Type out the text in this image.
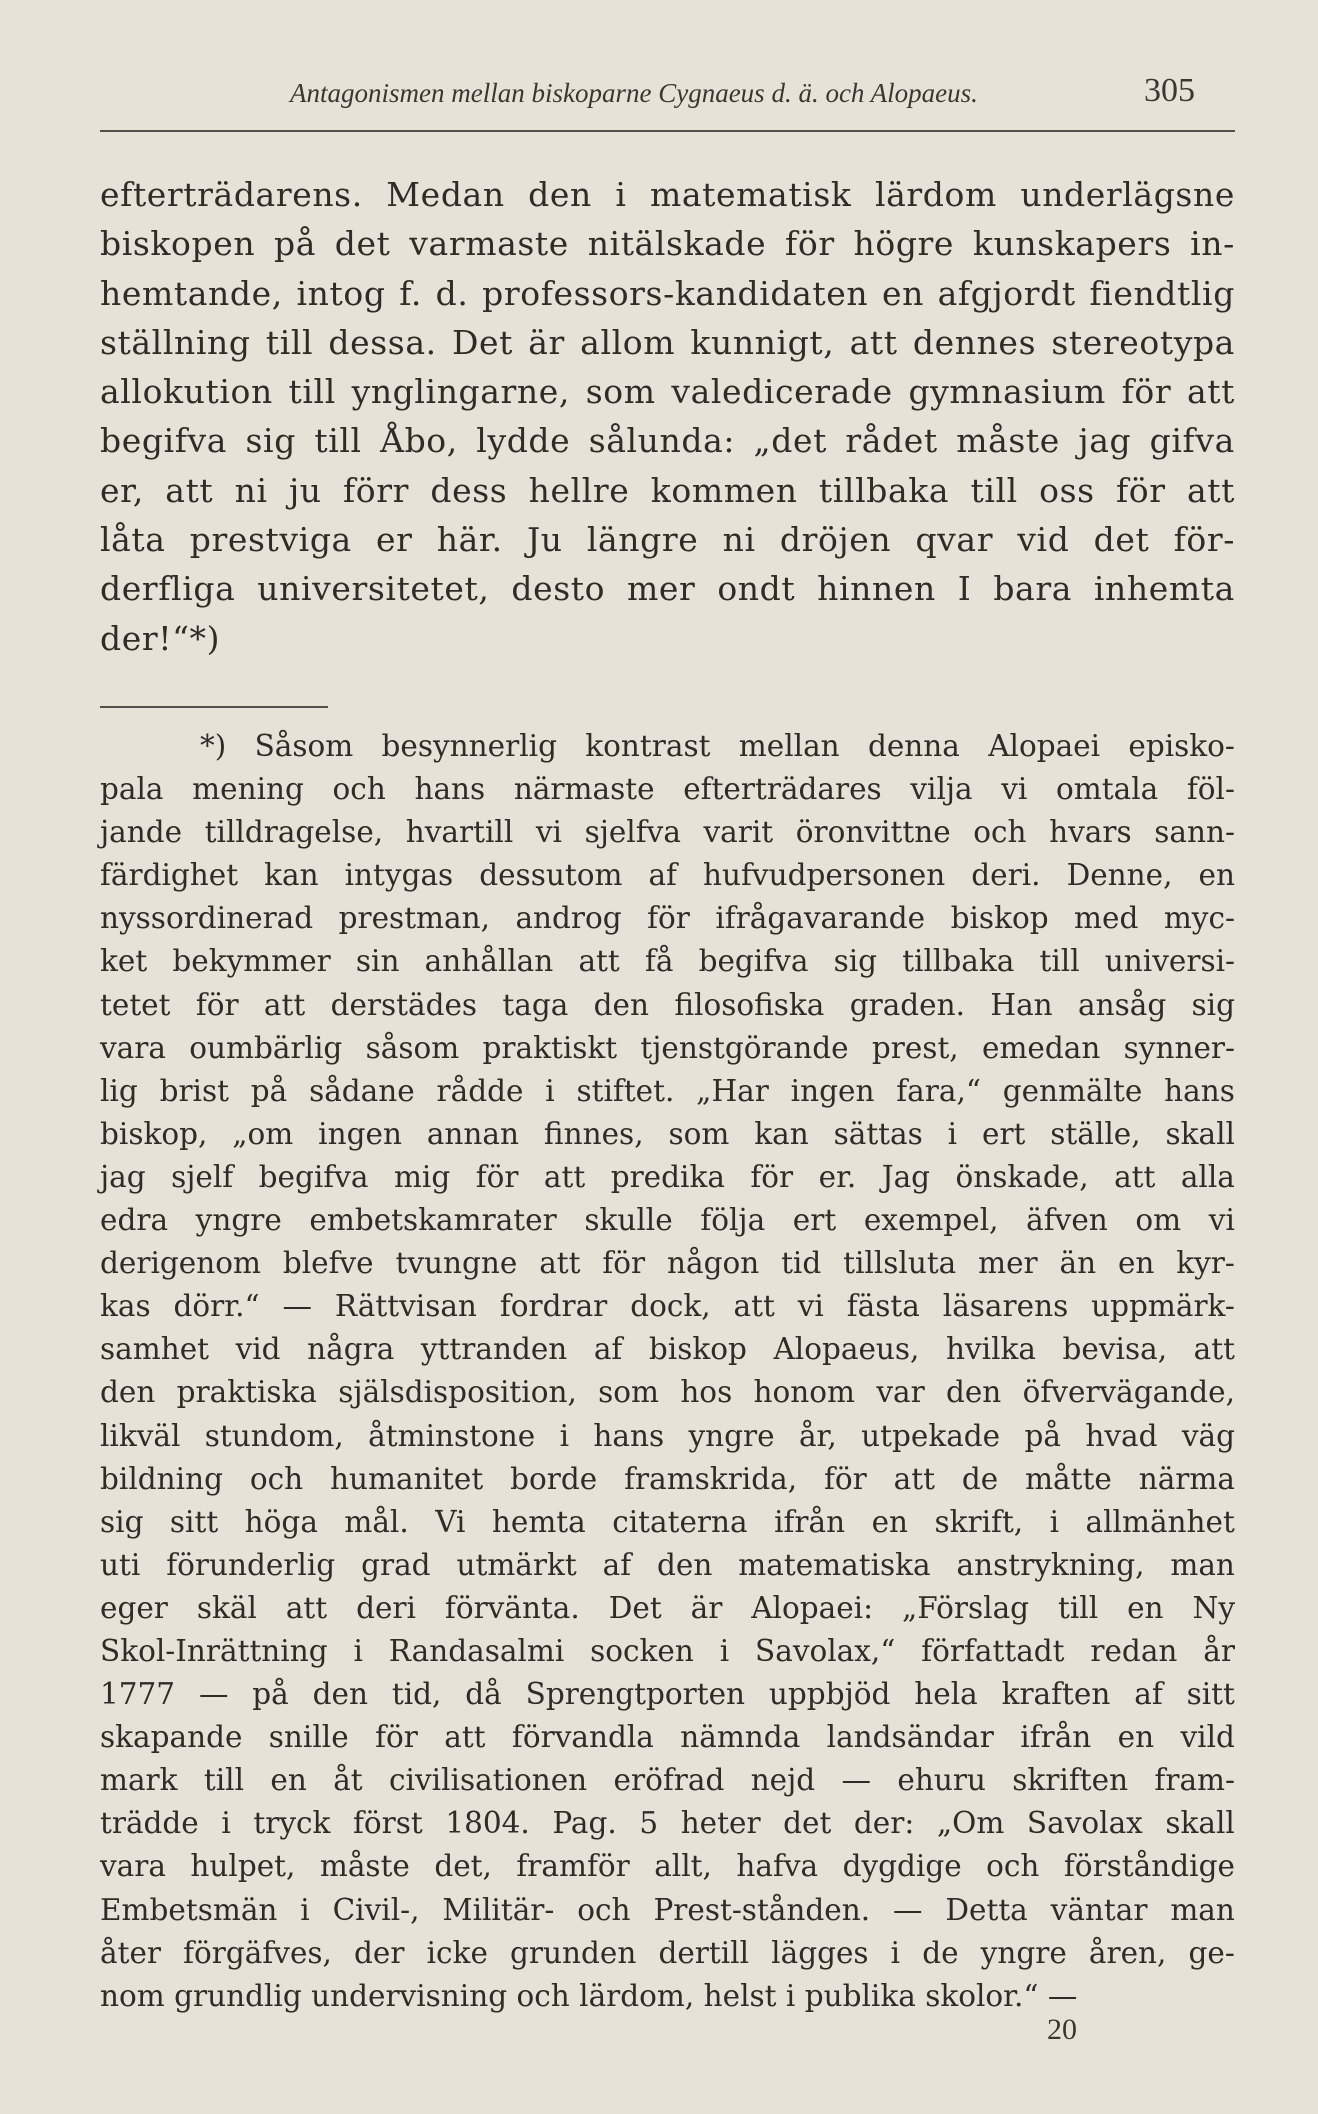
Antagonismen mellan biskoparne Cygnaeus d. ä. och Alopaeus.	305
efterträdarens. Medan den i matematisk lärdom underlägsne
biskopen på det varmaste nitälskade för högre kunskapers in-
hemtande, intog f. d. professors-kandidaten en afgjordt fiendtlig
ställning till dessa. Det är allom kunnigt, att dennes stereotypa
allokution till ynglingarne, som valedicerade gymnasium för att
begifva sig till Åbo, lydde sålunda: „det rådet måste jag gifva
er, att ni ju förr dess hellre kommen tillbaka till oss för att
låta prestviga er här. Ju längre ni dröjen qvar vid det för-
derfliga universitetet, desto mer ondt hinnen I bara inhemta
der!“*)
*) Såsom besynnerlig kontrast mellan denna Alopaei episko-
pala mening och hans närmaste efterträdares vilja vi omtala föl-
jande tilldragelse, hvartill vi sjelfva varit öronvittne och hvars sann-
färdighet kan intygas dessutom af hufvudpersonen deri. Denne, en
nyssordinerad prestman, androg för ifrågavarande biskop med myc-
ket bekymmer sin anhållan att få begifva sig tillbaka till universi-
tetet för att derstädes taga den filosofiska graden. Han ansåg sig
vara oumbärlig såsom praktiskt tjenstgörande prest, emedan synner-
lig brist på sådane rådde i stiftet. „Har ingen fara,“ genmälte hans
biskop, „om ingen annan finnes, som kan sättas i ert ställe, skall
jag sjelf begifva mig för att predika för er. Jag önskade, att alla
edra yngre embetskamrater skulle följa ert exempel, äfven om vi
derigenom blefve tvungne att för någon tid tillsluta mer än en kyr-
kas dörr.“ — Rättvisan fordrar dock, att vi fästa läsarens uppmärk-
samhet vid några yttranden af biskop Alopaeus, hvilka bevisa, att
den praktiska själsdisposition, som hos honom var den öfvervägande,
likväl stundom, åtminstone i hans yngre år, utpekade på hvad väg
bildning och humanitet borde framskrida, för att de måtte närma
sig sitt höga mål. Vi hemta citaterna ifrån en skrift, i allmänhet
uti förunderlig grad utmärkt af den matematiska anstrykning, man
eger skäl att deri förvänta. Det är Alopaei: „Förslag till en Ny
Skol-Inrättning i Randasalmi socken i Savolax,“ författadt redan år
1777 — på den tid, då Sprengtporten uppbjöd hela kraften af sitt
skapande snille för att förvandla nämnda landsändar ifrån en vild
mark till en åt civilisationen eröfrad nejd — ehuru skriften fram-
trädde i tryck först 1804. Pag. 5 heter det der: „Om Savolax skall
vara hulpet, måste det, framför allt, hafva dygdige och förståndige
Embetsmän i Civil-, Militär- och Prest-stånden. — Detta väntar man
åter förgäfves, der icke grunden dertill lägges i de yngre åren, ge-
nom grundlig undervisning och lärdom, helst i publika skolor.“ —
20
